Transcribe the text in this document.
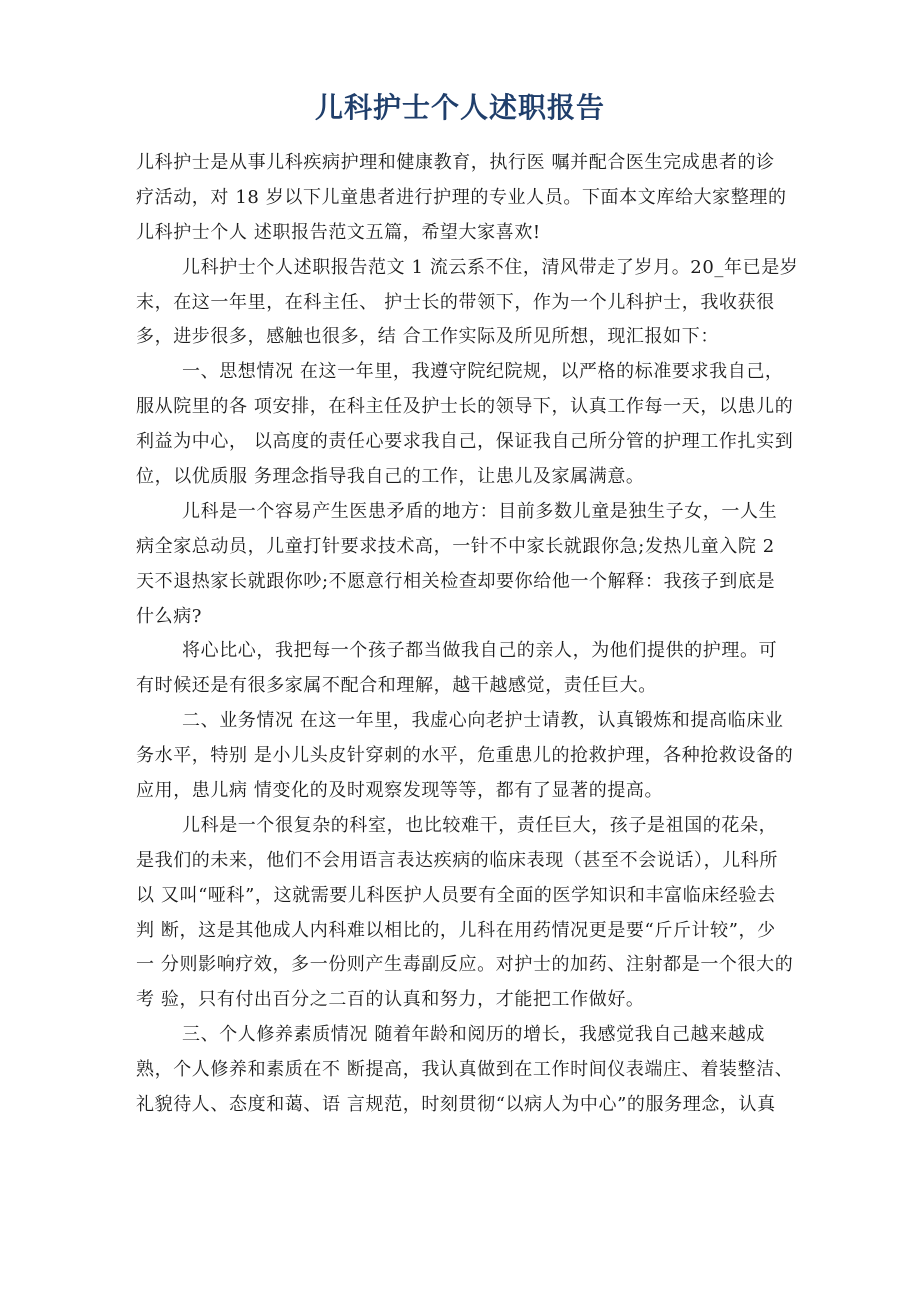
儿科护士个人述职报告
儿科护士是从事儿科疾病护理和健康教育，执行医 嘱并配合医生完成患者的诊
疗活动，对 18 岁以下儿童患者进行护理的专业人员。下面本文库给大家整理的
儿科护士个人 述职报告范文五篇，希望大家喜欢!
儿科护士个人述职报告范文 1 流云系不住，清风带走了岁月。20_年已是岁
末，在这一年里，在科主任、 护士长的带领下，作为一个儿科护士，我收获很
多，进步很多，感触也很多，结 合工作实际及所见所想，现汇报如下：
一、思想情况 在这一年里，我遵守院纪院规，以严格的标准要求我自己，
服从院里的各 项安排，在科主任及护士长的领导下，认真工作每一天，以患儿的
利益为中心， 以高度的责任心要求我自己，保证我自己所分管的护理工作扎实到
位，以优质服 务理念指导我自己的工作，让患儿及家属满意。
儿科是一个容易产生医患矛盾的地方：目前多数儿童是独生子女，一人生
病全家总动员，儿童打针要求技术高，一针不中家长就跟你急;发热儿童入院 2
天不退热家长就跟你吵;不愿意行相关检查却要你给他一个解释：我孩子到底是
什么病?
将心比心，我把每一个孩子都当做我自己的亲人，为他们提供的护理。可
有时候还是有很多家属不配合和理解，越干越感觉，责任巨大。
二、业务情况 在这一年里，我虚心向老护士请教，认真锻炼和提高临床业
务水平，特别 是小儿头皮针穿刺的水平，危重患儿的抢救护理，各种抢救设备的
应用，患儿病 情变化的及时观察发现等等，都有了显著的提高。
儿科是一个很复杂的科室，也比较难干，责任巨大，孩子是祖国的花朵，
是我们的未来，他们不会用语言表达疾病的临床表现（甚至不会说话），儿科所
以 又叫“哑科”，这就需要儿科医护人员要有全面的医学知识和丰富临床经验去
判 断，这是其他成人内科难以相比的，儿科在用药情况更是要“斤斤计较”，少
一 分则影响疗效，多一份则产生毒副反应。对护士的加药、注射都是一个很大的
考 验，只有付出百分之二百的认真和努力，才能把工作做好。
三、个人修养素质情况 随着年龄和阅历的增长，我感觉我自己越来越成
熟，个人修养和素质在不 断提高，我认真做到在工作时间仪表端庄、着装整洁、
礼貌待人、态度和蔼、语 言规范，时刻贯彻“以病人为中心”的服务理念，认真
